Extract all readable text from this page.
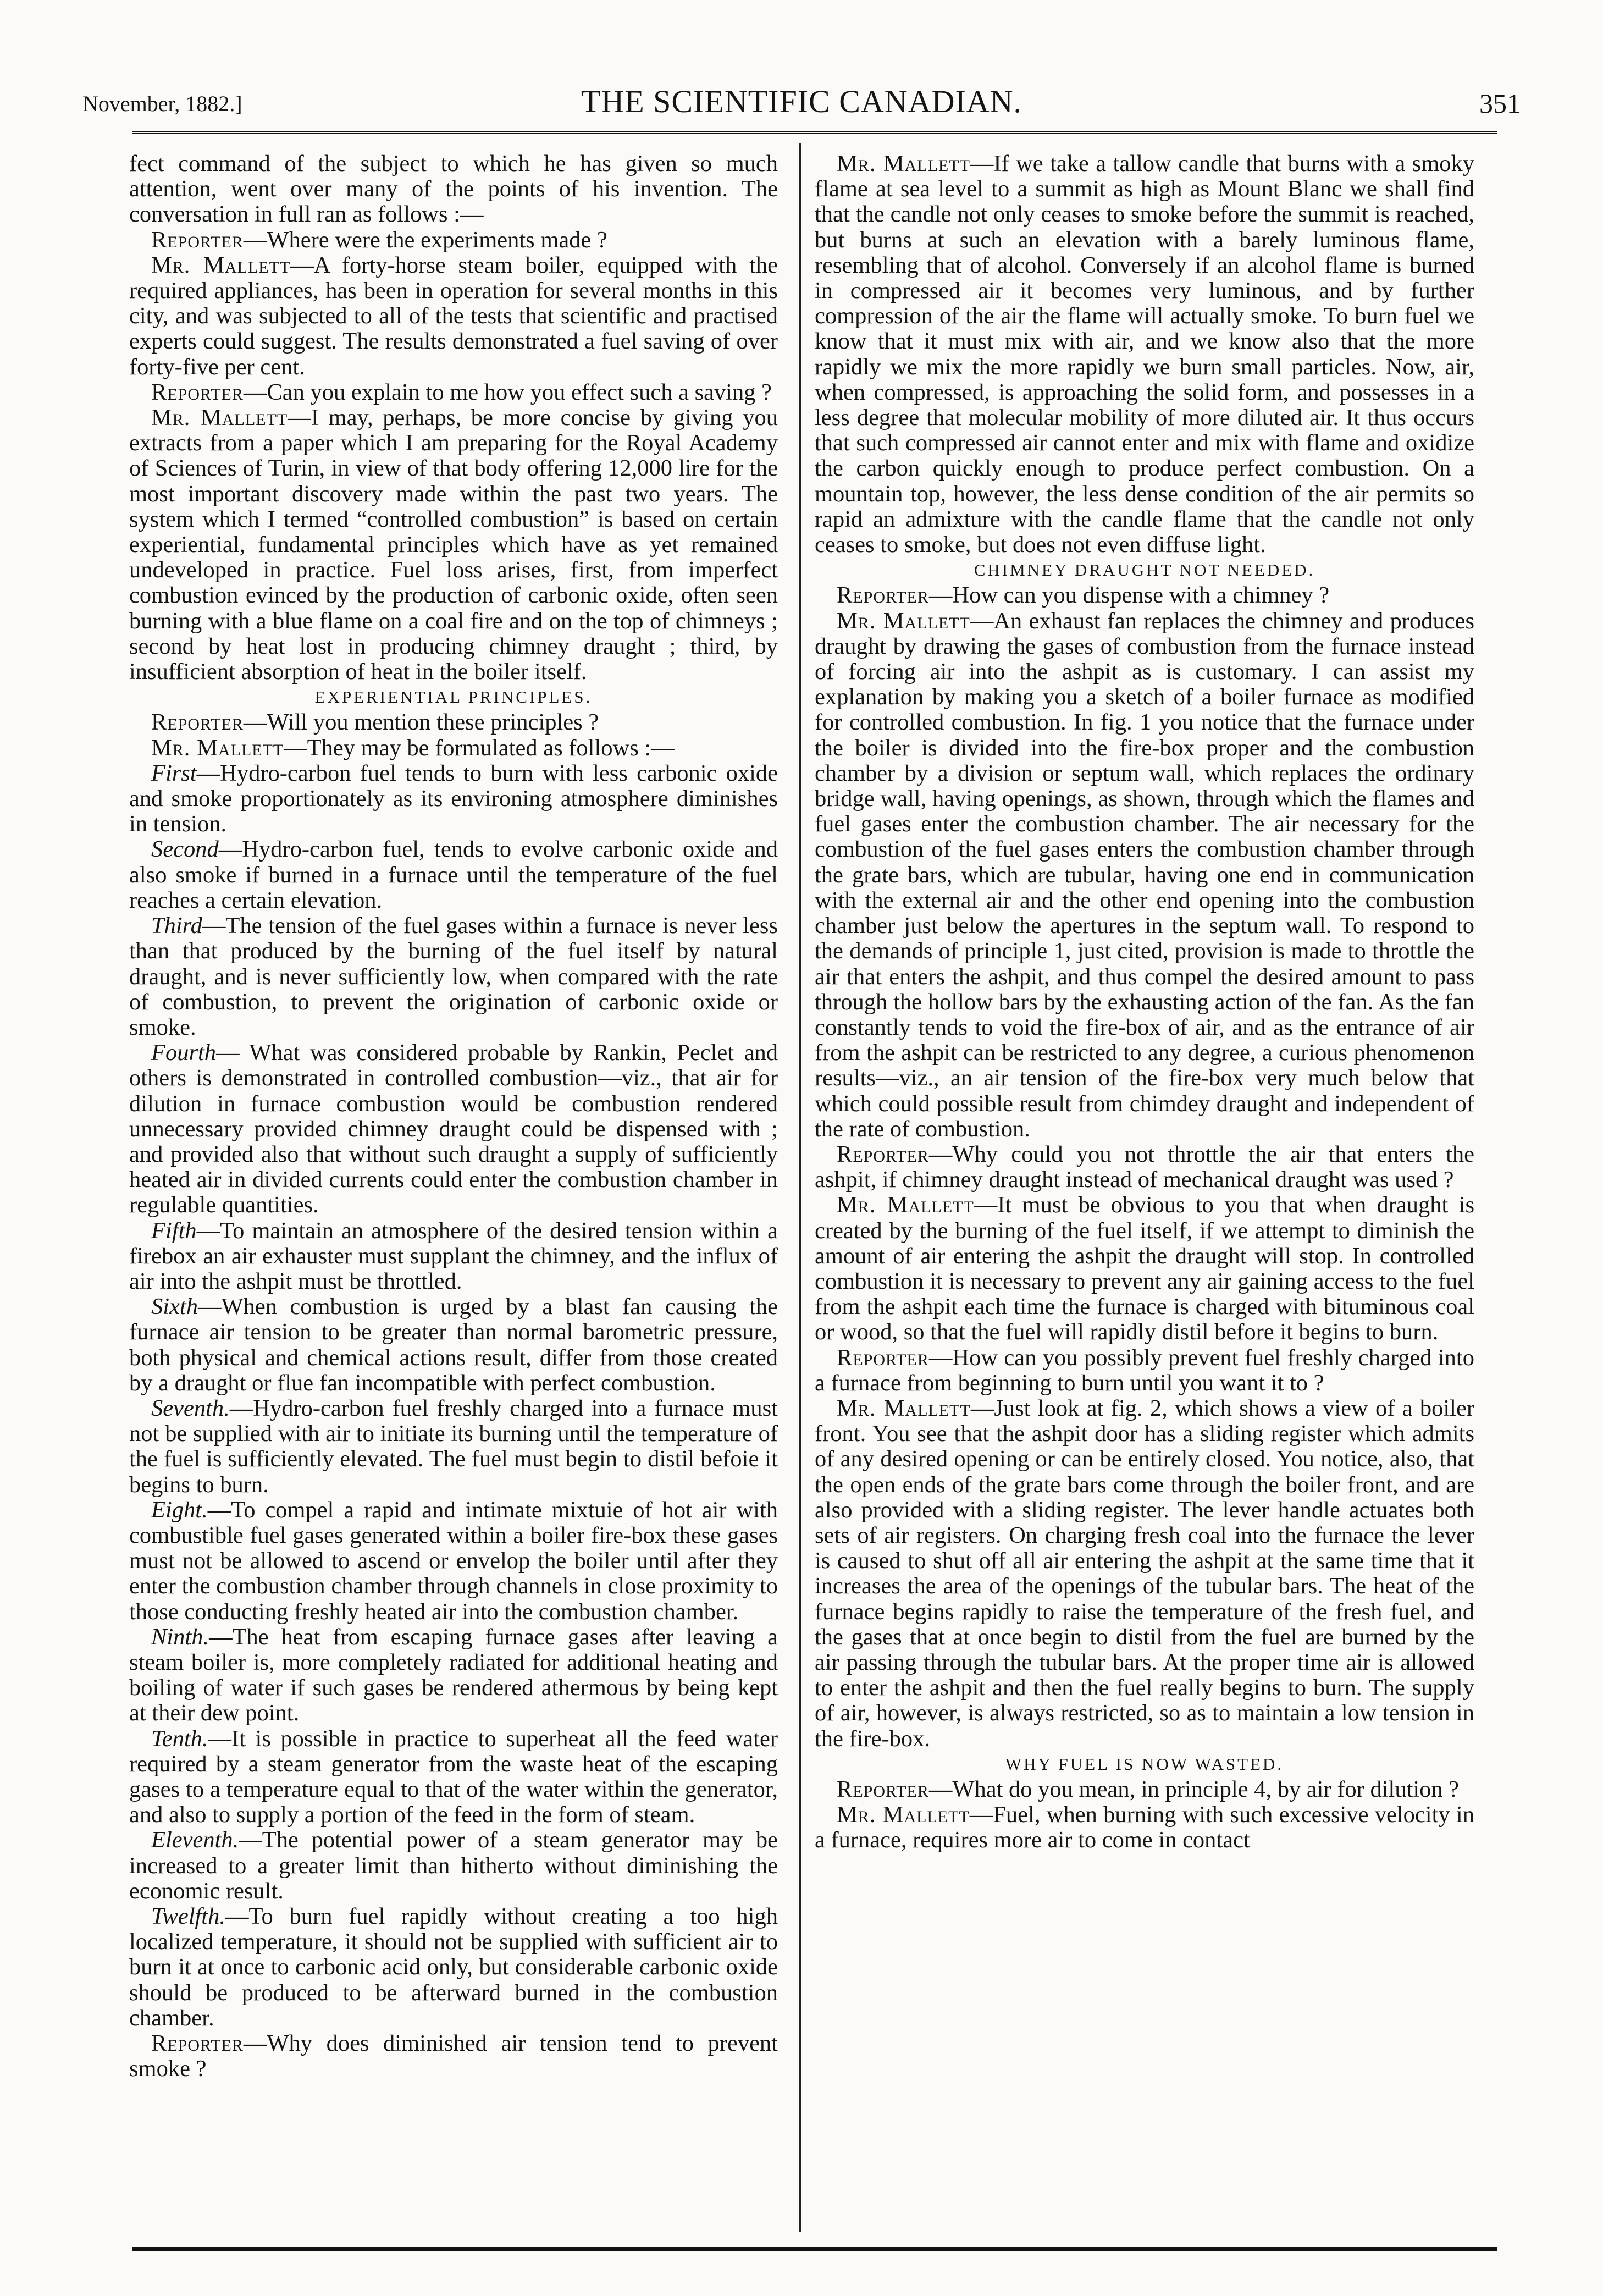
November, 1882.]	THE SCIENTIFIC CANADIAN.	351

fect command of the subject to which he has given so much attention, went over many of the points of his invention. The conversation in full ran as follows :—

Reporter—Where were the experiments made ?

Mr. Mallett—A forty-horse steam boiler, equipped with the required appliances, has been in operation for several months in this city, and was subjected to all of the tests that scientific and practised experts could suggest. The results demonstrated a fuel saving of over forty-five per cent.

Reporter—Can you explain to me how you effect such a saving ?

Mr. Mallett—I may, perhaps, be more concise by giving you extracts from a paper which I am preparing for the Royal Academy of Sciences of Turin, in view of that body offering 12,000 lire for the most important discovery made within the past two years. The system which I termed “controlled combustion” is based on certain experiential, fundamental principles which have as yet remained undeveloped in practice. Fuel loss arises, first, from imperfect combustion evinced by the production of carbonic oxide, often seen burning with a blue flame on a coal fire and on the top of chimneys ; second by heat lost in producing chimney draught ; third, by insufficient absorption of heat in the boiler itself.

EXPERIENTIAL PRINCIPLES.

Reporter—Will you mention these principles ?

Mr. Mallett—They may be formulated as follows :—

First—Hydro-carbon fuel tends to burn with less carbonic oxide and smoke proportionately as its environing atmosphere diminishes in tension.

Second—Hydro-carbon fuel, tends to evolve carbonic oxide and also smoke if burned in a furnace until the temperature of the fuel reaches a certain elevation.

Third—The tension of the fuel gases within a furnace is never less than that produced by the burning of the fuel itself by natural draught, and is never sufficiently low, when compared with the rate of combustion, to prevent the origination of carbonic oxide or smoke.

Fourth— What was considered probable by Rankin, Peclet and others is demonstrated in controlled combustion—viz., that air for dilution in furnace combustion would be combustion rendered unnecessary provided chimney draught could be dispensed with ; and provided also that without such draught a supply of sufficiently heated air in divided currents could enter the combustion chamber in regulable quantities.

Fifth—To maintain an atmosphere of the desired tension within a firebox an air exhauster must supplant the chimney, and the influx of air into the ashpit must be throttled.

Sixth—When combustion is urged by a blast fan causing the furnace air tension to be greater than normal barometric pressure, both physical and chemical actions result, differ from those created by a draught or flue fan incompatible with perfect combustion.

Seventh.—Hydro-carbon fuel freshly charged into a furnace must not be supplied with air to initiate its burning until the temperature of the fuel is sufficiently elevated. The fuel must begin to distil befoie it begins to burn.

Eight.—To compel a rapid and intimate mixtuie of hot air with combustible fuel gases generated within a boiler fire-box these gases must not be allowed to ascend or envelop the boiler until after they enter the combustion chamber through channels in close proximity to those conducting freshly heated air into the combustion chamber.

Ninth.—The heat from escaping furnace gases after leaving a steam boiler is, more completely radiated for additional heating and boiling of water if such gases be rendered athermous by being kept at their dew point.

Tenth.—It is possible in practice to superheat all the feed water required by a steam generator from the waste heat of the escaping gases to a temperature equal to that of the water within the generator, and also to supply a portion of the feed in the form of steam.

Eleventh.—The potential power of a steam generator may be increased to a greater limit than hitherto without diminishing the economic result.

Twelfth.—To burn fuel rapidly without creating a too high localized temperature, it should not be supplied with sufficient air to burn it at once to carbonic acid only, but considerable carbonic oxide should be produced to be afterward burned in the combustion chamber.

Reporter—Why does diminished air tension tend to prevent smoke ?

Mr. Mallett—If we take a tallow candle that burns with a smoky flame at sea level to a summit as high as Mount Blanc we shall find that the candle not only ceases to smoke before the summit is reached, but burns at such an elevation with a barely luminous flame, resembling that of alcohol. Conversely if an alcohol flame is burned in compressed air it becomes very luminous, and by further compression of the air the flame will actually smoke. To burn fuel we know that it must mix with air, and we know also that the more rapidly we mix the more rapidly we burn small particles. Now, air, when compressed, is approaching the solid form, and possesses in a less degree that molecular mobility of more diluted air. It thus occurs that such compressed air cannot enter and mix with flame and oxidize the carbon quickly enough to produce perfect combustion. On a mountain top, however, the less dense condition of the air permits so rapid an admixture with the candle flame that the candle not only ceases to smoke, but does not even diffuse light.

CHIMNEY DRAUGHT NOT NEEDED.

Reporter—How can you dispense with a chimney ?

Mr. Mallett—An exhaust fan replaces the chimney and produces draught by drawing the gases of combustion from the furnace instead of forcing air into the ashpit as is customary. I can assist my explanation by making you a sketch of a boiler furnace as modified for controlled combustion. In fig. 1 you notice that the furnace under the boiler is divided into the fire-box proper and the combustion chamber by a division or septum wall, which replaces the ordinary bridge wall, having openings, as shown, through which the flames and fuel gases enter the combustion chamber. The air necessary for the combustion of the fuel gases enters the combustion chamber through the grate bars, which are tubular, having one end in communication with the external air and the other end opening into the combustion chamber just below the apertures in the septum wall. To respond to the demands of principle 1, just cited, provision is made to throttle the air that enters the ashpit, and thus compel the desired amount to pass through the hollow bars by the exhausting action of the fan. As the fan constantly tends to void the fire-box of air, and as the entrance of air from the ashpit can be restricted to any degree, a curious phenomenon results—viz., an air tension of the fire-box very much below that which could possible result from chimdey draught and independent of the rate of combustion.

Reporter—Why could you not throttle the air that enters the ashpit, if chimney draught instead of mechanical draught was used ?

Mr. Mallett—It must be obvious to you that when draught is created by the burning of the fuel itself, if we attempt to diminish the amount of air entering the ashpit the draught will stop. In controlled combustion it is necessary to prevent any air gaining access to the fuel from the ashpit each time the furnace is charged with bituminous coal or wood, so that the fuel will rapidly distil before it begins to burn.

Reporter—How can you possibly prevent fuel freshly charged into a furnace from beginning to burn until you want it to ?

Mr. Mallett—Just look at fig. 2, which shows a view of a boiler front. You see that the ashpit door has a sliding register which admits of any desired opening or can be entirely closed. You notice, also, that the open ends of the grate bars come through the boiler front, and are also provided with a sliding register. The lever handle actuates both sets of air registers. On charging fresh coal into the furnace the lever is caused to shut off all air entering the ashpit at the same time that it increases the area of the openings of the tubular bars. The heat of the furnace begins rapidly to raise the temperature of the fresh fuel, and the gases that at once begin to distil from the fuel are burned by the air passing through the tubular bars. At the proper time air is allowed to enter the ashpit and then the fuel really begins to burn. The supply of air, however, is always restricted, so as to maintain a low tension in the fire-box.

WHY FUEL IS NOW WASTED.

Reporter—What do you mean, in principle 4, by air for dilution ?

Mr. Mallett—Fuel, when burning with such excessive velocity in a furnace, requires more air to come in contact
